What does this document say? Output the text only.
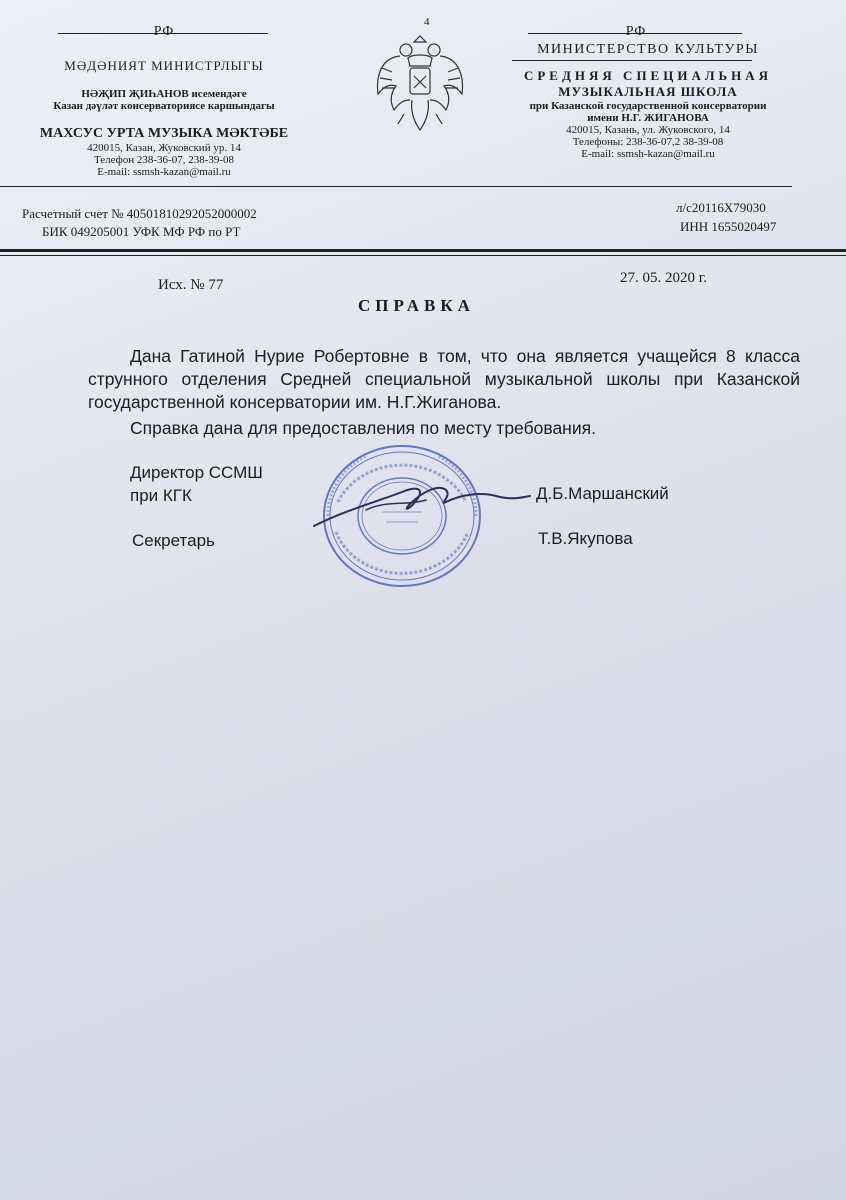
4
РФ
МӘДӘНИЯТ МИНИСТРЛЫГЫ
НӘҖИП ҖИҺАНОВ исемендәге
Казан дәүләт консерваториясе каршындагы
МАХСУС УРТА МУЗЫКА МӘКТӘБЕ
420015, Казан, Жуковский ур. 14
Телефон 238-36-07, 238-39-08
E-mail: ssmsh-kazan@mail.ru
РФ
МИНИСТЕРСТВО КУЛЬТУРЫ
СРЕДНЯЯ СПЕЦИАЛЬНАЯ
МУЗЫКАЛЬНАЯ ШКОЛА
при Казанской государственной консерватории
имени Н.Г. ЖИГАНОВА
420015, Казань, ул. Жуковского, 14
Телефоны: 238-36-07,2 38-39-08
E-mail: ssmsh-kazan@mail.ru
Расчетный счет № 40501810292052000002
БИК 049205001 УФК МФ РФ по РТ
л/с20116Х79030
ИНН 1655020497
Исх. № 77	27. 05. 2020 г.
СПРАВКА
Дана Гатиной Нурие Робертовне в том, что она является учащейся 8 класса струнного отделения Средней специальной музыкальной школы при Казанской государственной консерватории им. Н.Г.Жиганова.
Справка дана для предоставления по месту требования.
Директор ССМШ
при КГК	Д.Б.Маршанский
Секретарь	Т.В.Якупова
